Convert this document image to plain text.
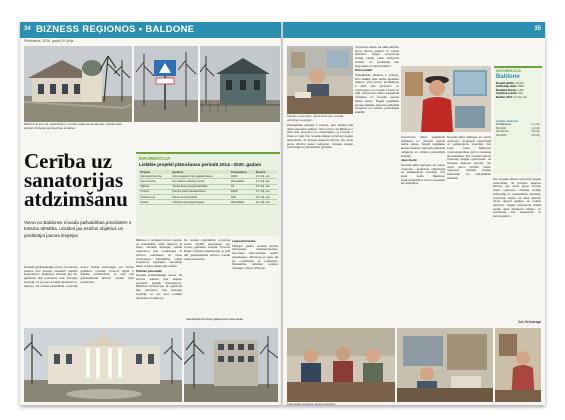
34 BIZNESS REĢIONOS • BALDONE
Piektdiena, 2016. gada 29. jūlijs
Baldonē šī kūrorta vajadzībām ir cerības atjaunot sanatorijas. Dažās ēkās kādreiz darbojās ārstniecības iestādes.
Cerība uz sanatorijas atdzimšanu
Viena no Baldones novada pašvaldības prioritātēm ir tūrisma attīstība, uzsākot jau esošos objektus un piedāvājot jaunas iespējas
INFORMĀCIJA
Lielākie projekti plānošanas periodā 2014.–2020. gadam
Projekts	Apraksts	Finansējums	Summa
Ūdenssaimniecība	Ūdensapgādes tīklu paplašināšana	ERAF	2,1 milj. eiro
Ceļu remonts	Ielu pārbūve pilsētas centrā	Pašvaldība	1,3 milj. eiro
Izglītība	Skolas ēkas energoefektivitāte	KF	0,9 milj. eiro
Tūrisms	Kūrorta parka labiekārtošana	ERAF	0,7 milj. eiro
Sociālā joma	Dienas centra izveide	ESF	0,5 milj. eiro
Kultūra	Kultūras nama atjaunošana	Pašvaldība	0,4 milj. eiro
Baldone ir senākais kūrorts Latvijā, un pašvaldība vēlas atjaunot tā slavu. Novadā darbojas vairāki uzņēmumi, kas nodarbojas ar tūrismu, ēdināšanu un viesu uzņemšanu. Pašvaldība meklē investorus bijušajām sanatoriju ēkām, kuras pašlaik stāv tukšas.
Pilsētas potenciāls
Novada priekšsēdētājs uzsver, ka kūrorta statuss dod iespēju piesaistīt papildu finansējumu. Baldones sēravoti jau 19. gadsimtā bija pazīstami visā Krievijas impērijā, un pie tiem ieradās atpūtnieki no tālienes.
Kā norāda pašvaldībā, uzņēmēji arvien biežāk interesējas par zemes gabaliem novadā. Tuvums Rīgai ir būtiska priekšrocība, jo ceļš līdz galvaspilsētai aizņem mazāk nekā pusstundu.
Lauksaimniecība
Pēdējos gados novadā būtiski attīstījusies lauksaimniecība. Zemnieku saimniecības audzē graudaugus, dārzeņus un ogas, kā arī nodarbojas ar lopkopību. Pašvaldība atbalsta vietējos ražotājus, rīkojot tirdziņus.
Novada priekšsēdētājs uzsver, ka kūrorta statuss dod iespēju piesaistīt papildu finansējumu. Baldones sēravoti jau 19. gadsimtā bija pazīstami visā Krievijas impērijā, un pie tiem ieradās atpūtnieki no tālienes. Kā norāda pašvaldībā, uzņēmēji arvien biežāk interesējas par zemes gabaliem novadā. Tuvums Rīgai ir būtiska priekšrocība, jo ceļš līdz galvaspilsētai aizņem mazāk nekā pusstundu.
Sanatorijas korpuss gaida jaunu saimnieku.
35
Vietējie uzņēmēji ir pārliecināti par novada attīstības iespējām.
Uzņēmējs stāsta, ka sāka darbību pirms desmit gadiem ar nelielu darbnīcu. Tagad uzņēmumā strādā vairāk nekā divdesmit cilvēku, un produkcija tiek eksportēta uz kaimiņvalstīm.
Dzīvi padarīt
Pašvaldības atbalsts ir svarīgs, taču lielākā daļa darba jāpadara pašiem. Viņš uzsver, ka Baldonē ir laba vide ģimenēm un uzņēmējiem, jo novads ir kluss un zaļš. Uzņēmums plāno paplašināt ražošanu un izveidot jaunas darba vietas. Šogad iegādātas jaunas iekārtas, kas ļaus palielināt ražīgumu un uzlabot produkcijas kvalitāti.
INFORMĀCIJA
Baldone
Novada platība: 176 km²
Iedzīvotāju skaits: 5300
Bezdarba līmenis: 4,8%
Uzņēmumu skaits: 420
Budžets 2016: 6,2 milj. eiro
Lielākie uzņēmumi
SIA Baldones	2,1 milj.
SIA Avoti	1,4 milj.
SIA Kūrorts	0,9 milj.
SIA Mežs	0,6 milj.
Uzņēmums plāno paplašināt ražošanu un izveidot jaunas darba vietas. Šogad iegādātas jaunas iekārtas, kas ļaus palielināt ražīgumu un uzlabot produkcijas kvalitāti.
Jauni darbi
Novadā aktīvi darbojas arī mazie uzņēmēji – amatnieki, mājražotāji un pakalpojumu sniedzēji. Viņi kopā veido Baldones uzņēmējdarbības vidi un piesaista apmeklētājus.
Novadā aktīvi darbojas arī mazie uzņēmēji – amatnieki, mājražotāji un pakalpojumu sniedzēji. Viņi kopā veido Baldones uzņēmējdarbības vidi un piesaista apmeklētājus. Par novada nākotni uzņēmēji raugās optimistiski. Ja izdosies atjaunot kūrortu, tas nesīs jaunu dzīvību visam reģionam, uzskata vietējie iedzīvotāji un pašvaldības pārstāvji.	Par novada nākotni uzņēmēji raugās optimistiski. Ja izdosies atjaunot kūrortu, tas nesīs jaunu dzīvību visam reģionam, uzskata vietējie iedzīvotāji un pašvaldības pārstāvji. Uzņēmējs stāsta, ka sāka darbību pirms desmit gadiem ar nelielu darbnīcu. Tagad uzņēmumā strādā vairāk nekā divdesmit cilvēku, un produkcija tiek eksportēta uz kaimiņvalstīm.
Pašvaldības atbalsts ir svarīgs, taču lielākā daļa darba jāpadara pašiem. Viņš uzsver, ka Baldonē ir laba vide ģimenēm un uzņēmējiem, jo novads ir kluss un zaļš. Par novada nākotni uzņēmēji raugās optimistiski. Ja izdosies atjaunot kūrortu, tas nesīs jaunu dzīvību visam reģionam, uzskata vietējie iedzīvotāji un pašvaldības pārstāvji.
Pašvaldība atbalsta tūrisma attīstību.
Ilze Grīnberga
